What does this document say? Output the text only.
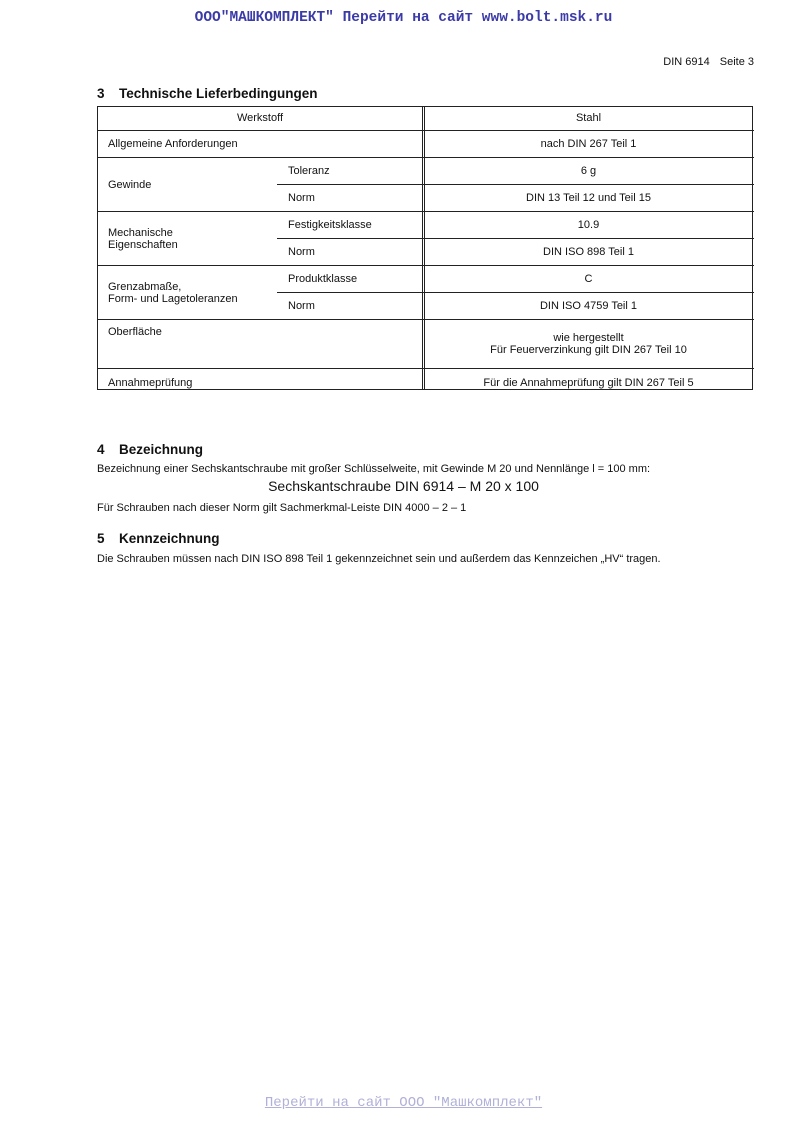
ООО"МАШКОМПЛЕКТ" Перейти на сайт www.bolt.msk.ru
DIN 6914 Seite 3
3 Technische Lieferbedingungen
Werkstoff		Stahl
Allgemeine Anforderungen		nach DIN 267 Teil 1
Gewinde	Toleranz	6 g
	Norm	DIN 13 Teil 12 und Teil 15
Mechanische
Eigenschaften	Festigkeitsklasse	10.9
	Norm	DIN ISO 898 Teil 1
Grenzabmaße,
Form- und Lagetoleranzen	Produktklasse	C
	Norm	DIN ISO 4759 Teil 1
Oberfläche		wie hergestellt
Für Feuerverzinkung gilt DIN 267 Teil 10
Annahmeprüfung		Für die Annahmeprüfung gilt DIN 267 Teil 5
4 Bezeichnung
Bezeichnung einer Sechskantschraube mit großer Schlüsselweite, mit Gewinde M 20 und Nennlänge l = 100 mm:
Sechskantschraube DIN 6914 – M 20 x 100
Für Schrauben nach dieser Norm gilt Sachmerkmal-Leiste DIN 4000 – 2 – 1
5 Kennzeichnung
Die Schrauben müssen nach DIN ISO 898 Teil 1 gekennzeichnet sein und außerdem das Kennzeichen „HV“ tragen.
Перейти на сайт ООО "Машкомплект"
